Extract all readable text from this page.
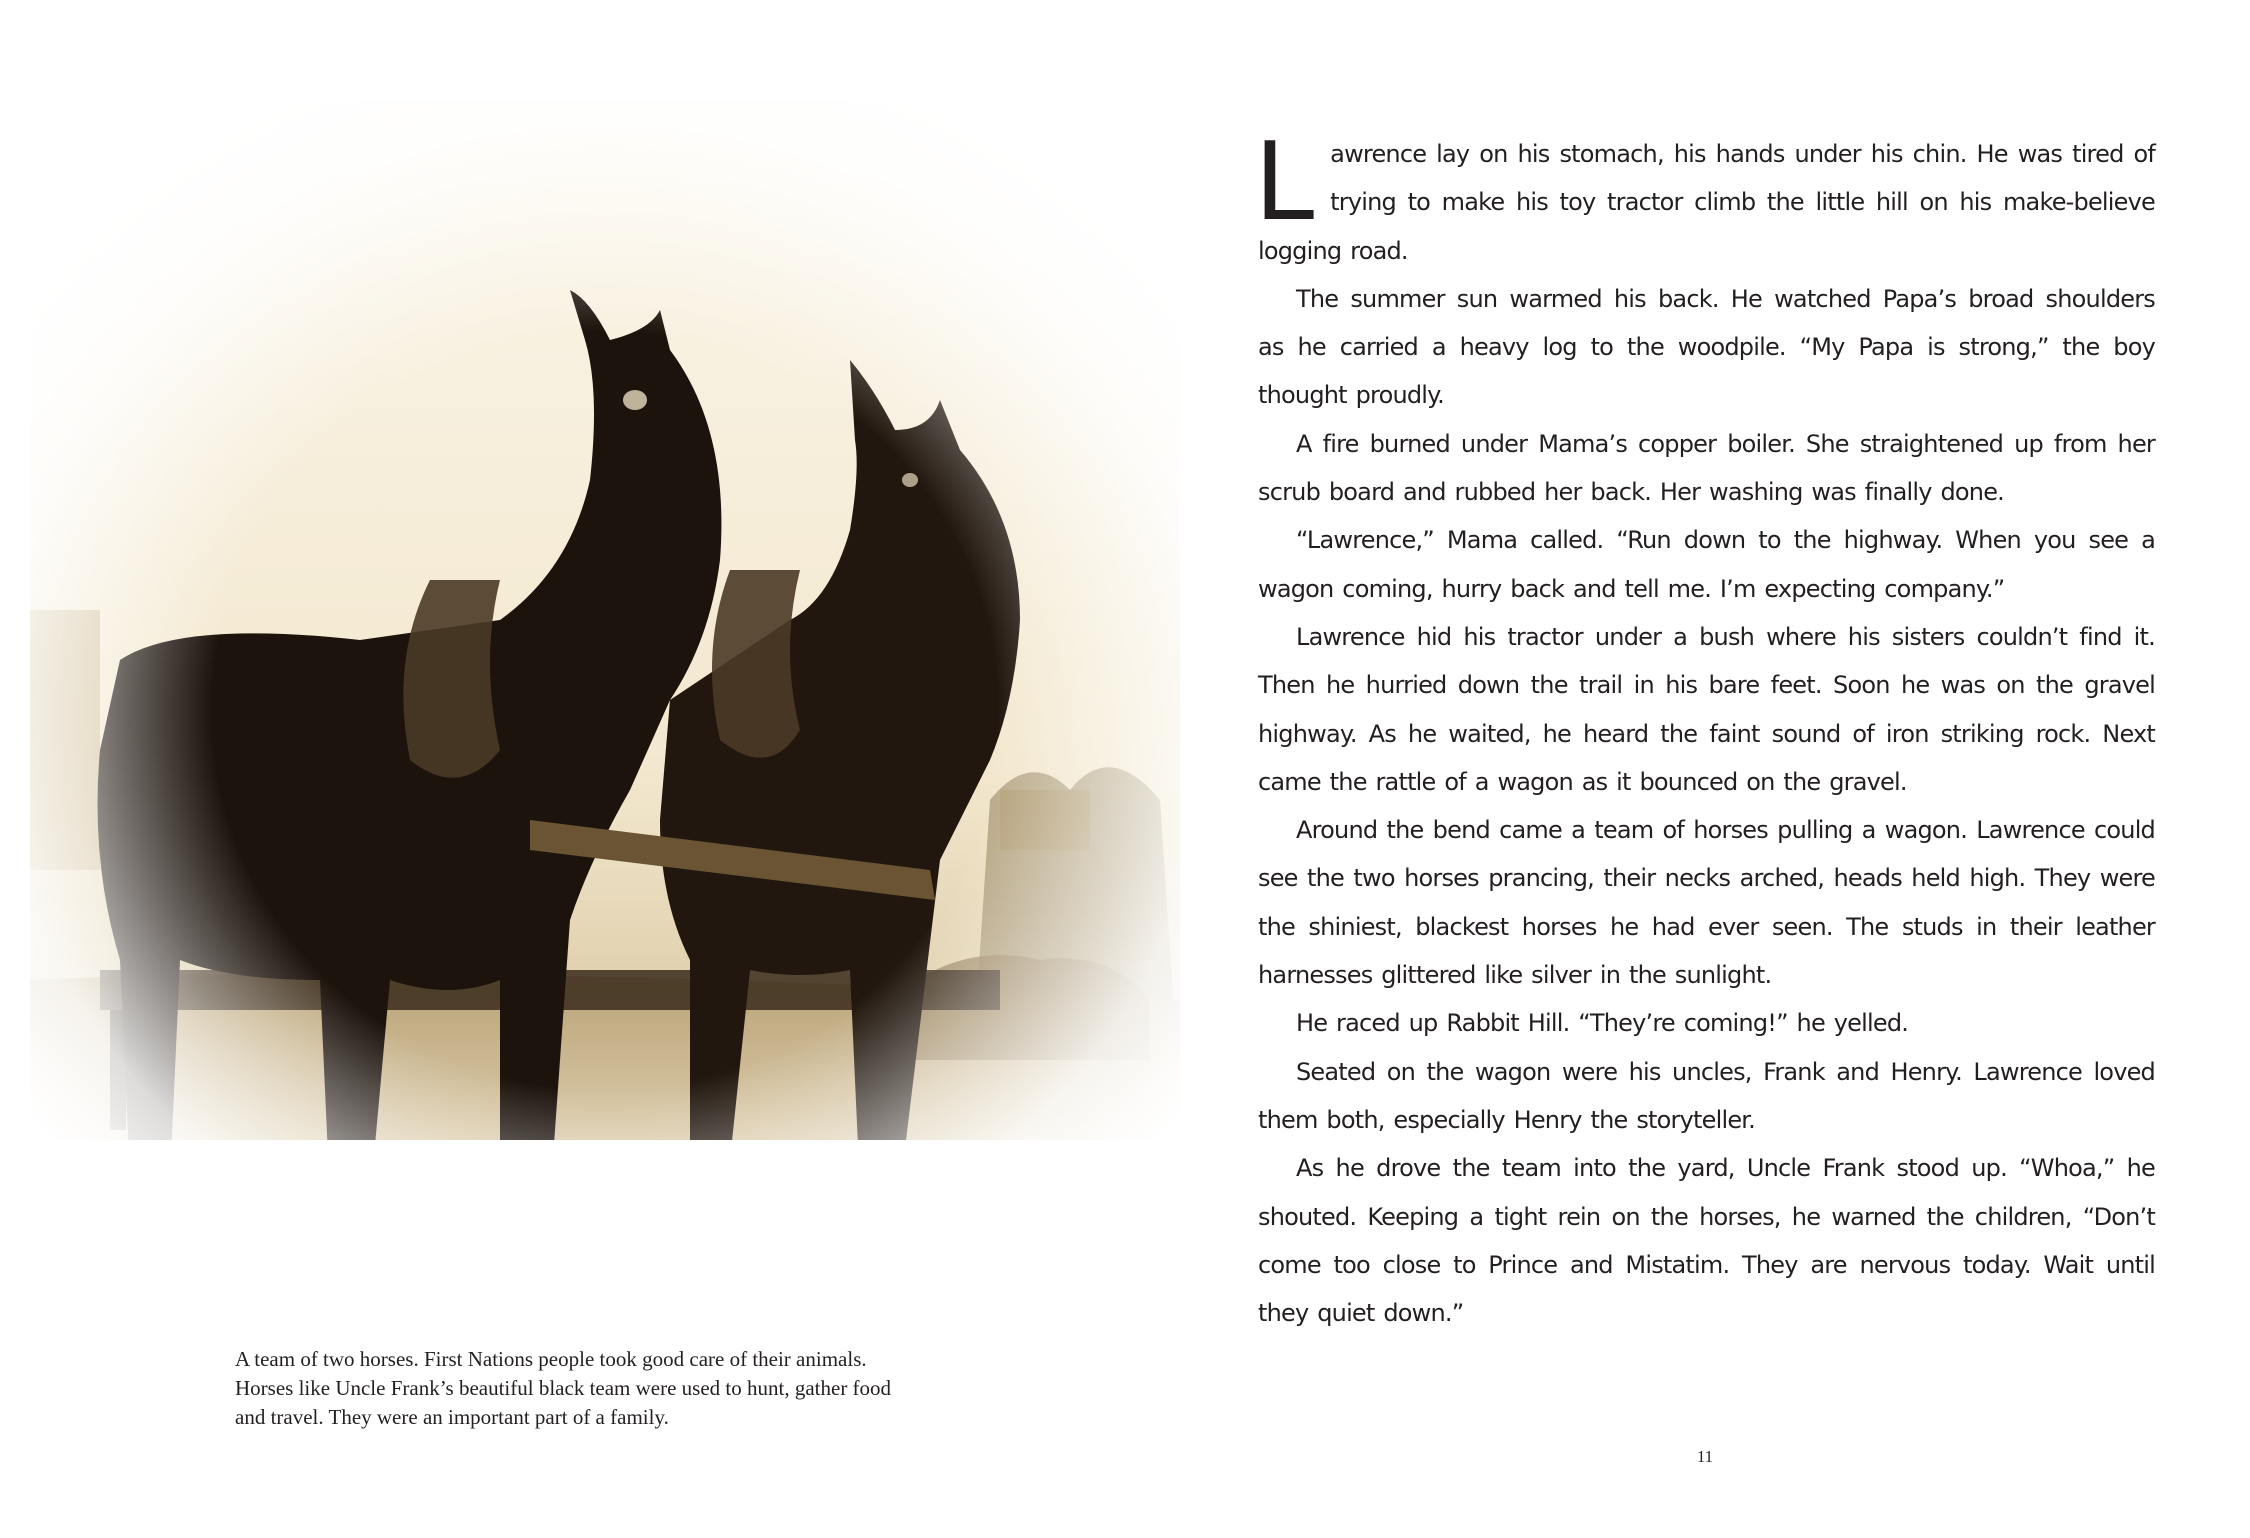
A team of two horses. First Nations people took good care of their animals. Horses like Uncle Frank’s beautiful black team were used to hunt, gather food and travel. They were an important part of a family.

Lawrence lay on his stomach, his hands under his chin. He was tired of trying to make his toy tractor climb the little hill on his make-believe logging road.

The summer sun warmed his back. He watched Papa’s broad shoulders as he carried a heavy log to the woodpile. “My Papa is strong,” the boy thought proudly.

A fire burned under Mama’s copper boiler. She straightened up from her scrub board and rubbed her back. Her washing was finally done.

“Lawrence,” Mama called. “Run down to the highway. When you see a wagon coming, hurry back and tell me. I’m expecting company.”

Lawrence hid his tractor under a bush where his sisters couldn’t find it. Then he hurried down the trail in his bare feet. Soon he was on the gravel highway. As he waited, he heard the faint sound of iron striking rock. Next came the rattle of a wagon as it bounced on the gravel.

Around the bend came a team of horses pulling a wagon. Lawrence could see the two horses prancing, their necks arched, heads held high. They were the shiniest, blackest horses he had ever seen. The studs in their leather harnesses glittered like silver in the sunlight.

He raced up Rabbit Hill. “They’re coming!” he yelled.

Seated on the wagon were his uncles, Frank and Henry. Lawrence loved them both, especially Henry the storyteller.

As he drove the team into the yard, Uncle Frank stood up. “Whoa,” he shouted. Keeping a tight rein on the horses, he warned the children, “Don’t come too close to Prince and Mistatim. They are nervous today. Wait until they quiet down.”

11
